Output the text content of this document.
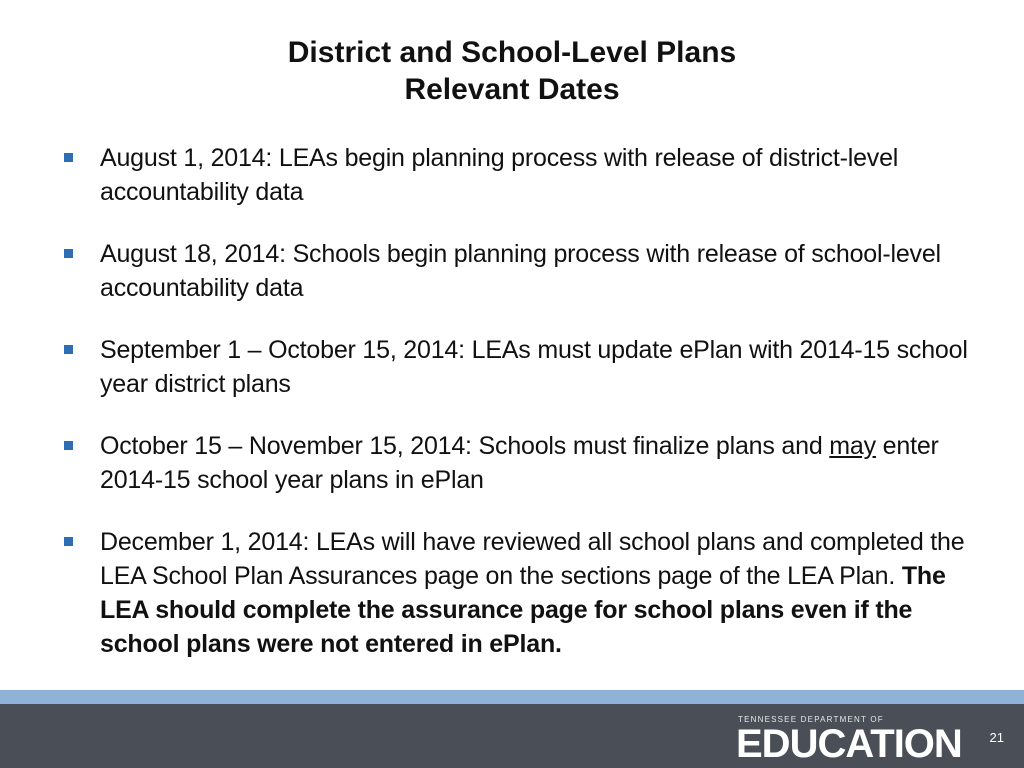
District and School-Level Plans
Relevant Dates
August 1, 2014: LEAs begin planning process with release of district-level accountability data
August 18, 2014: Schools begin planning process with release of school-level accountability data
September 1 – October 15, 2014: LEAs must update ePlan with 2014-15 school year district plans
October 15 – November 15, 2014: Schools must finalize plans and may enter 2014-15 school year plans in ePlan
December 1, 2014: LEAs will have reviewed all school plans and completed the LEA School Plan Assurances page on the sections page of the LEA Plan. The LEA should complete the assurance page for school plans even if the school plans were not entered in ePlan.
TENNESSEE DEPARTMENT OF
EDUCATION	21
